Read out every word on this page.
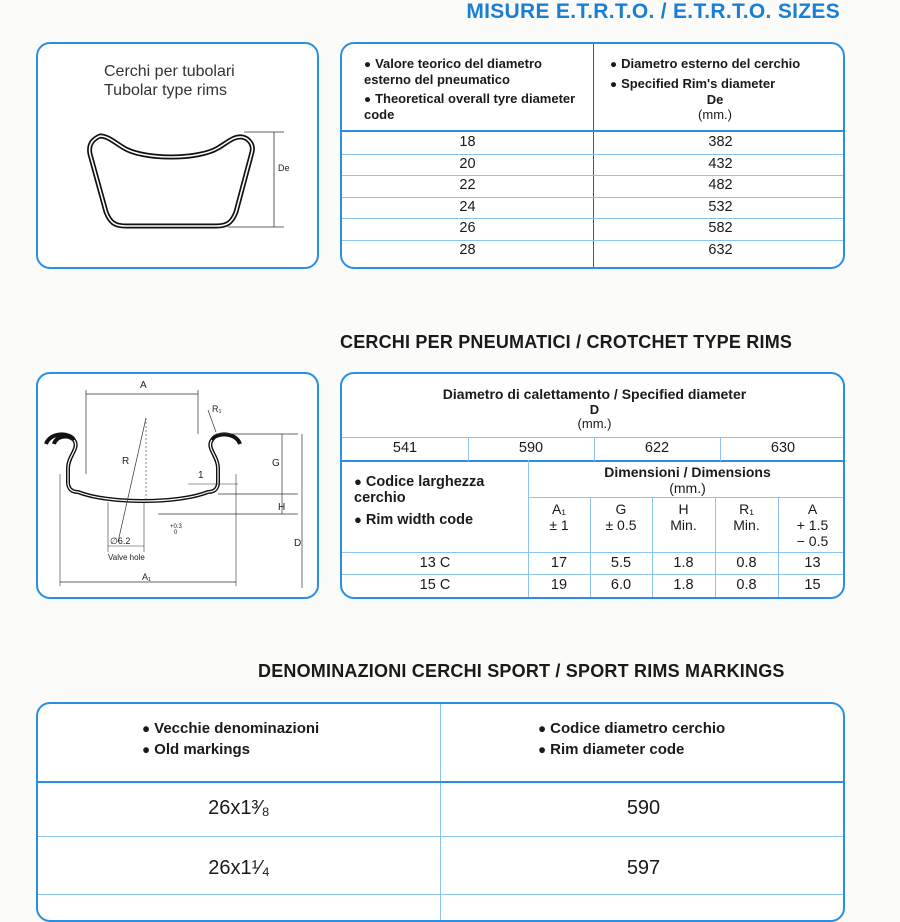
MISURE E.T.R.T.O. / E.T.R.T.O. SIZES
Cerchi per tubolari
Tubolar type rims
De
● Valore teorico del diametro esterno del pneumatico
● Theoretical overall tyre diameter code
● Diametro esterno del cerchio
● Specified Rim's diameter
De
(mm.)
18	382
20	432
22	482
24	532
26	582
28	632
CERCHI PER PNEUMATICI / CROTCHET TYPE RIMS
A
R₁
R	G
1
H
D
∅6.2
+0.3
0
Valve hole
A₁
Diametro di calettamento / Specified diameter
D
(mm.)
541	590	622	630
● Codice larghezza cerchio
● Rim width code
Dimensioni / Dimensions
(mm.)
A₁
± 1
G
± 0.5
H
Min.
R₁
Min.
A
+ 1.5
− 0.5
13 C	17	5.5	1.8	0.8	13
15 C	19	6.0	1.8	0.8	15
DENOMINAZIONI CERCHI SPORT / SPORT RIMS MARKINGS
● Vecchie denominazioni
● Old markings
● Codice diametro cerchio
● Rim diameter code
26x1³⁄₈	590
26x1¹⁄₄	597
